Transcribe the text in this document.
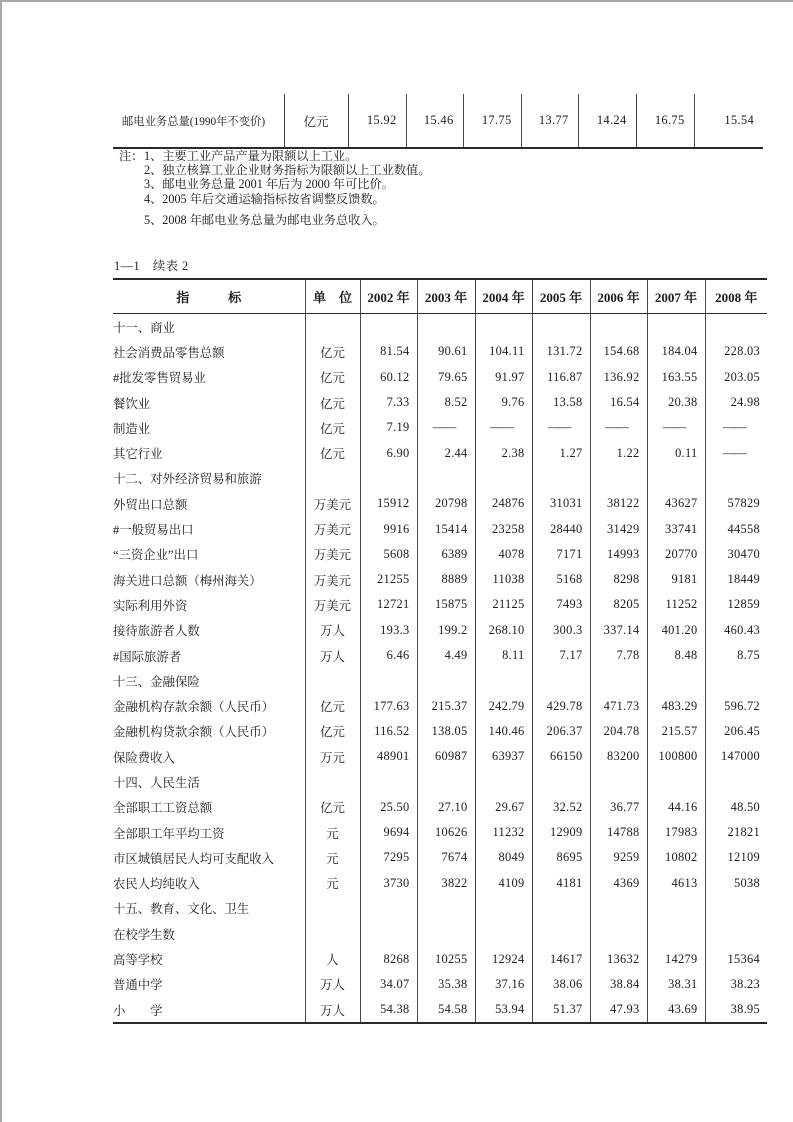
邮电业务总量(1990年不变价)	亿元	15.92	15.46	17.75	13.77	14.24	16.75	15.54
注： 1、主要工业产品产量为限额以上工业。
2、独立核算工业企业财务指标为限额以上工业数值。
3、邮电业务总量 2001 年后为 2000 年可比价。
4、2005 年后交通运输指标按省调整反馈数。
5、2008 年邮电业务总量为邮电业务总收入。
1—1　续表 2
指　　　标	单　位	2002 年	2003 年	2004 年	2005 年	2006 年	2007 年	2008 年
十一、商业								
社会消费品零售总额	亿元	81.54	90.61	104.11	131.72	154.68	184.04	228.03
#批发零售贸易业	亿元	60.12	79.65	91.97	116.87	136.92	163.55	203.05
餐饮业	亿元	7.33	8.52	9.76	13.58	16.54	20.38	24.98
制造业	亿元	7.19	——	——	——	——	——	——
其它行业	亿元	6.90	2.44	2.38	1.27	1.22	0.11	——
十二、对外经济贸易和旅游								
外贸出口总额	万美元	15912	20798	24876	31031	38122	43627	57829
#一般贸易出口	万美元	9916	15414	23258	28440	31429	33741	44558
“三资企业”出口	万美元	5608	6389	4078	7171	14993	20770	30470
海关进口总额（梅州海关）	万美元	21255	8889	11038	5168	8298	9181	18449
实际利用外资	万美元	12721	15875	21125	7493	8205	11252	12859
接待旅游者人数	万人	193.3	199.2	268.10	300.3	337.14	401.20	460.43
#国际旅游者	万人	6.46	4.49	8.11	7.17	7.78	8.48	8.75
十三、金融保险								
金融机构存款余额（人民币）	亿元	177.63	215.37	242.79	429.78	471.73	483.29	596.72
金融机构贷款余额（人民币）	亿元	116.52	138.05	140.46	206.37	204.78	215.57	206.45
保险费收入	万元	48901	60987	63937	66150	83200	100800	147000
十四、人民生活								
全部职工工资总额	亿元	25.50	27.10	29.67	32.52	36.77	44.16	48.50
全部职工年平均工资	元	9694	10626	11232	12909	14788	17983	21821
市区城镇居民人均可支配收入	元	7295	7674	8049	8695	9259	10802	12109
农民人均纯收入	元	3730	3822	4109	4181	4369	4613	5038
十五、教育、文化、卫生								
在校学生数								
高等学校	人	8268	10255	12924	14617	13632	14279	15364
普通中学	万人	34.07	35.38	37.16	38.06	38.84	38.31	38.23
小　　学	万人	54.38	54.58	53.94	51.37	47.93	43.69	38.95
